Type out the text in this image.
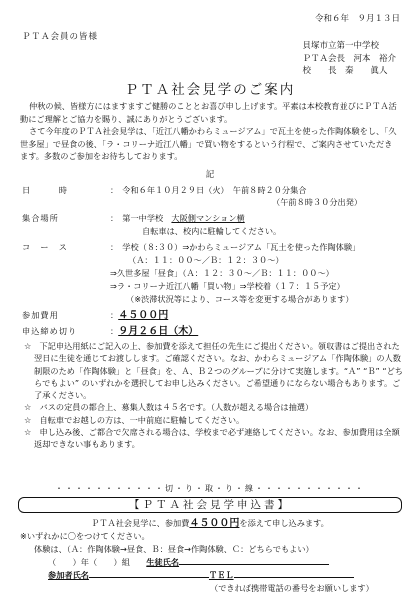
令和６年　９月１３日
ＰＴＡ会員の皆様
貝塚市立第一中学校
ＰＴＡ会長　河本　裕介
校　　長　秦　　眞人
ＰＴＡ社会見学のご案内

仲秋の候、皆様方にはますますご健勝のこととお喜び申し上げます。平素は本校教育並びにＰＴＡ活動にご理解とご協力を賜り、誠にありがとうございます。

さて今年度のＰＴＡ社会見学は、「近江八幡かわらミュージアム」で瓦土を使った作陶体験をし、「久世多屋」で昼食の後、「ラ・コリーナ近江八幡」で買い物をするという行程で、ご案内させていただきます。多数のご参加をお待ちしております。

記
日　　　時	：　令和６年１０月２９日（火）　午前８時２０分集合
（午前８時３０分出発）
集合場所	：　第一中学校　 大阪側マンション横
自転車は、校内に駐輪してください。
コ　ー　ス	：　学校（８:３０）⇒かわらミュージアム「瓦土を使った作陶体験」
（Ａ：１１：００〜／Ｂ：１２：３０〜）
⇒久世多屋「昼食」（Ａ：１２：３０〜／Ｂ：１１：００〜）
⇒ラ・コリーナ近江八幡「買い物」⇒学校着（１７：１５予定）
（※渋滞状況等により、コース等を変更する場合があります）
参加費用	：４５００円
申込締め切り	：９月２６日（木）
☆　下記申込用紙にご記入の上、参加費を添えて担任の先生にご提出ください。領収書はご提出された翌日に生徒を通じてお渡しします。ご確認ください。なお、かわらミュージアム「作陶体験」の人数制限のため「作陶体験」と「昼食」を、Ａ、Ｂ２つのグループに分けて実施します。“Ａ” “Ｂ” “どちらでもよい” のいずれかを選択してお申し込みください。ご希望通りにならない場合もあります。ご了承ください。
☆　バスの定員の都合上、募集人数は４５名です。（人数が超える場合は抽選）
☆　自転車でお越しの方は、一中前庭に駐輪してください。
☆　申し込み後、ご都合で欠席される場合は、学校まで必ず連絡してください。なお、参加費用は全額返却できない事もあります。
・・・・・・・・・・・切・り・取・り・線・・・・・・・・・・・
【ＰＴＡ社会見学申込書】
ＰＴＡ社会見学に、参加費４５００円を添えて申し込みます。
※いずれかに〇をつけてください。
体験は、（Ａ：作陶体験→昼食、Ｂ：昼食→作陶体験、Ｃ：どちらでもよい）
（　　）年（　　）組　　 生徒氏名
参加者氏名	ＴＥＬ
（できれば携帯電話の番号をお願いします）
